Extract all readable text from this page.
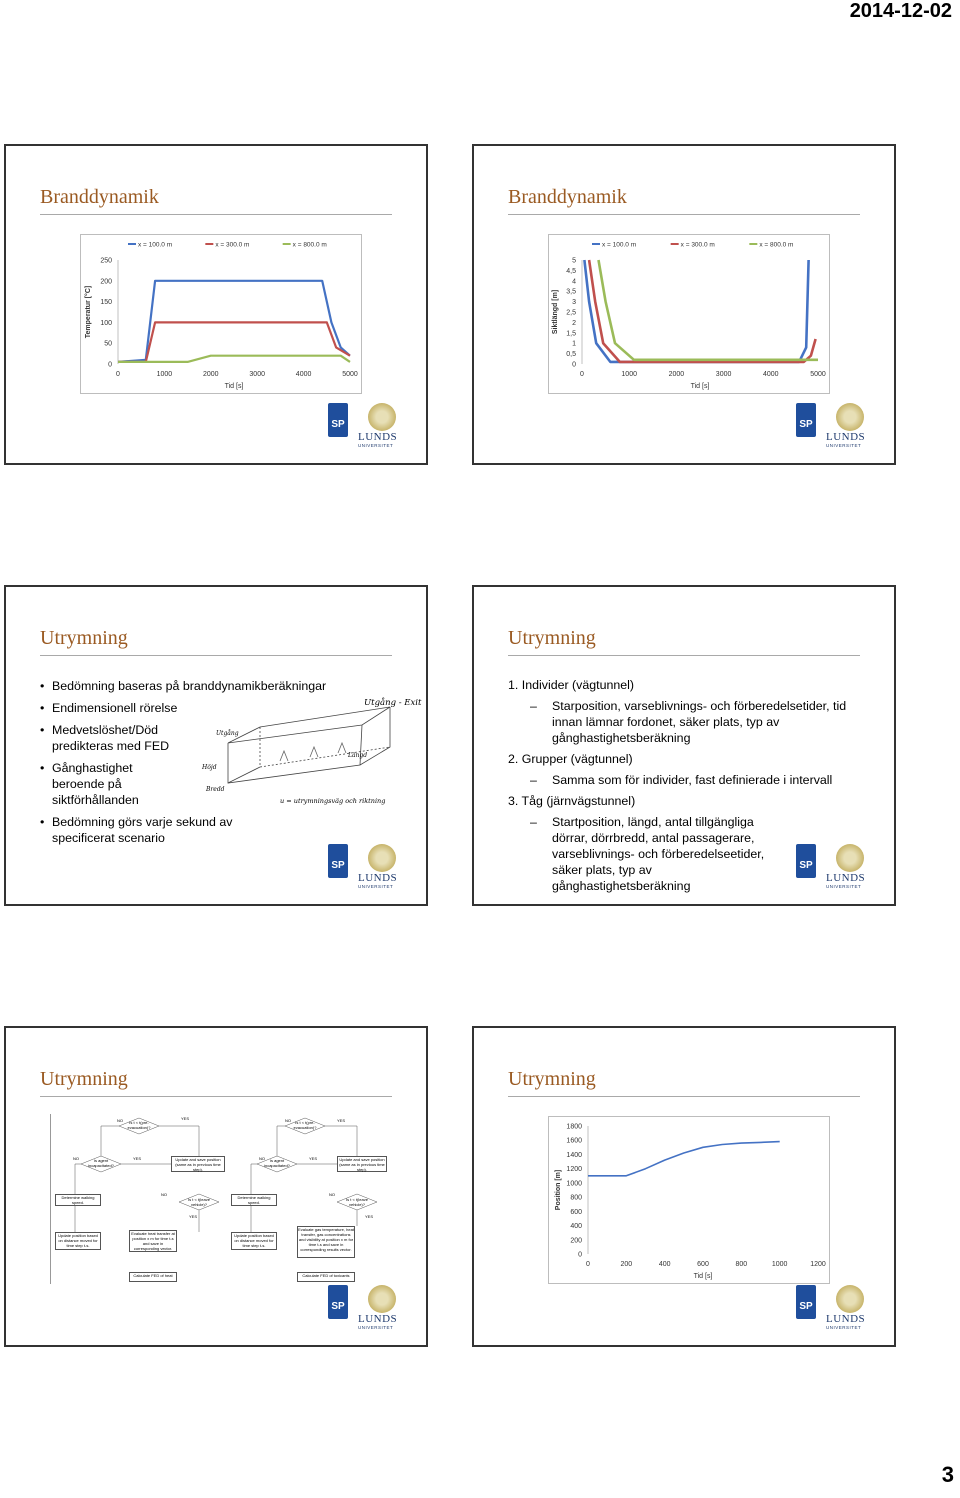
2014-12-02
Branddynamik
x = 100.0 m	x = 300.0 m	x = 800.0 m
0
50
100
150
200
250
0	1000	2000	3000	4000	5000
Tid [s]
Temperatur [°C]
SP
LUNDS
UNIVERSITET
Branddynamik
x = 100.0 m	x = 300.0 m	x = 800.0 m
0
0,5
1
1,5
2
2,5
3
3,5
4
4,5
5
0	1000	2000	3000	4000	5000
Tid [s]
Siktlängd [m]
SP
LUNDS
UNIVERSITET
Utrymning
• Bedömning baseras på branddynamikberäkningar
• Endimensionell rörelse
• Medvetslöshet/Död predikteras med FED
• Gånghastighet beroende på siktförhållanden
• Bedömning görs varje sekund av specificerat scenario
Utgång - Exit
Utgång
Höjd
Bredd
Längd
u = utrymningsväg och riktning
SP
LUNDS
UNIVERSITET
Utrymning
1. Individer (vägtunnel)
– Starposition, varseblivnings- och förberedelsetider, tid innan lämnar fordonet, säker plats, typ av gånghastighetsberäkning
2. Grupper (vägtunnel)
– Samma som för individer, fast definierade i intervall
3. Tåg (järnvägstunnel)
– Startposition, längd, antal tillgängliga dörrar, dörrbredd, antal passagerare, varseblivnings- och förberedelseetider, säker plats, typ av gånghastighetsberäkning
SP
LUNDS
UNIVERSITET
Utrymning
NO	YES
Is t < t(pre-evacuation)?
Is agent incapacitated?
NO	YES	Update and save position (same as in previous time step).
Determine walking speed.
NO
Is t < t(leave vehicle)?
YES
Update position based on distance moved for time step t-s.
Evaluate heat transfer at position x m for time t-s and save in corresponding vector.
Calculate FED of heat
NO	YES
Is t < t(pre-evacuation)?
Is agent incapacitated?
NO	YES	Update and save position (same as in previous time step).
Determine walking speed.
NO
Is t < t(leave vehicle)?
YES
Update position based on distance moved for time step t-s.
Evaluate gas temperature, heat transfer, gas concentrations and visibility at position x m for time t-s and save in corresponding results vector.
Calculate FED of toxicants
SP
LUNDS
UNIVERSITET
Utrymning
0
200
400
600
800
1000
1200
1400
1600
1800
0	200	400	600	800	1000	1200
Tid [s]
Position [m]
SP
LUNDS
UNIVERSITET
3
